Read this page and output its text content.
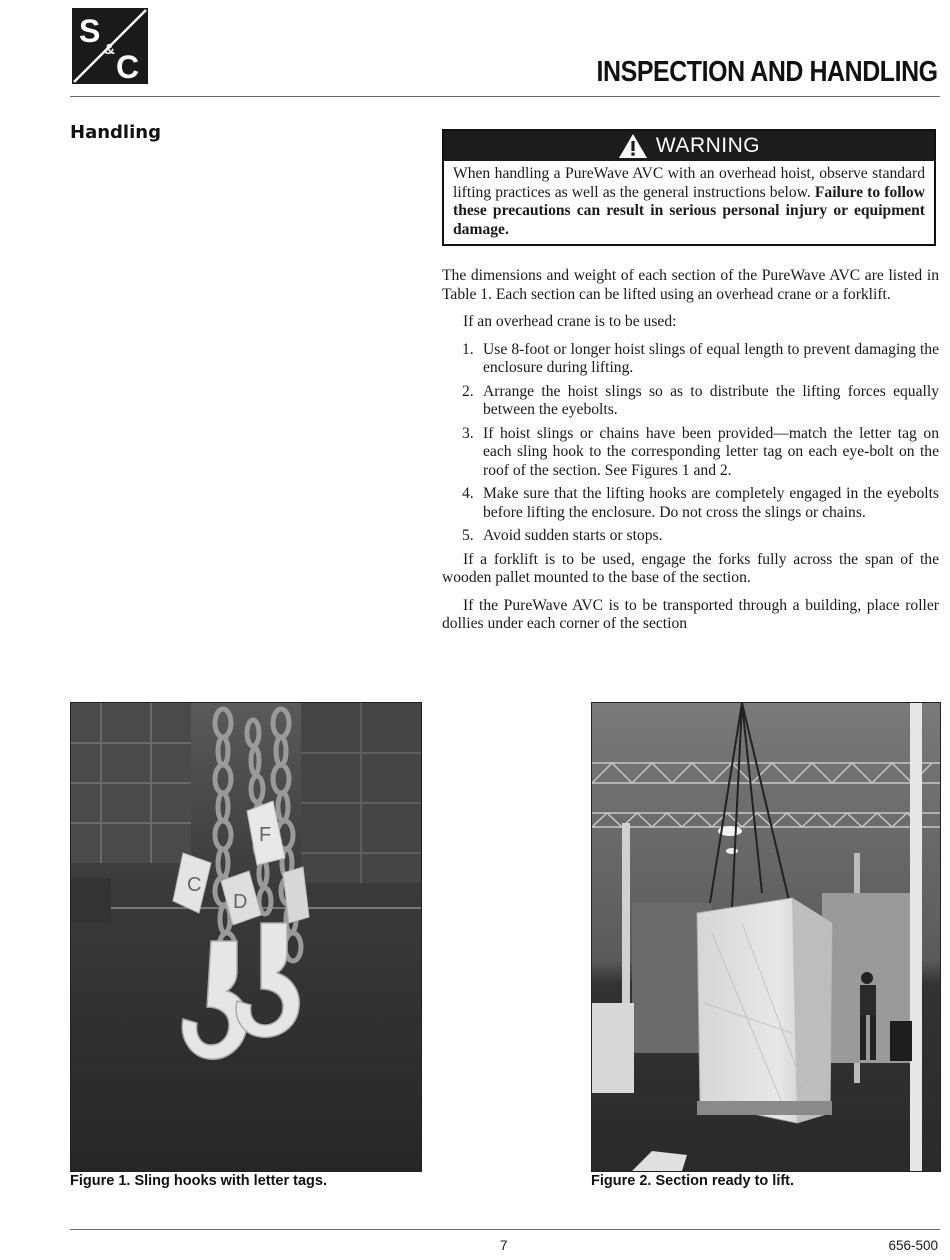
S
& C	INSPECTION AND HANDLING
Handling
WARNING

When handling a PureWave AVC with an overhead hoist, observe standard lifting practices as well as the general instructions below. Failure to follow these precautions can result in serious personal injury or equipment damage.

The dimensions and weight of each section of the PureWave AVC are listed in Table 1. Each section can be lifted using an overhead crane or a forklift.

If an overhead crane is to be used:

1. Use 8-foot or longer hoist slings of equal length to prevent damaging the enclosure during lifting.
2. Arrange the hoist slings so as to distribute the lifting forces equally between the eyebolts.
3. If hoist slings or chains have been provided—match the letter tag on each sling hook to the corresponding letter tag on each eye-bolt on the roof of the section. See Figures 1 and 2.
4. Make sure that the lifting hooks are completely engaged in the eyebolts before lifting the enclosure. Do not cross the slings or chains.
5. Avoid sudden starts or stops.

If a forklift is to be used, engage the forks fully across the span of the wooden pallet mounted to the base of the section.

If the PureWave AVC is to be transported through a building, place roller dollies under each corner of the section

C
D
F

Figure 1. Sling hooks with letter tags.	Figure 2. Section ready to lift.

7	656-500
